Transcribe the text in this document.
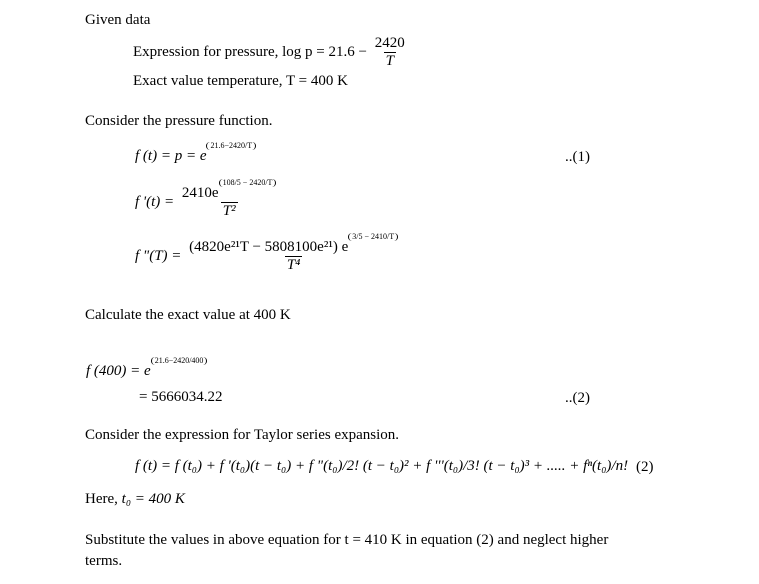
Given data
Expression for pressure, $\log p = 21.6 - \frac{2420}{T}$
Exact value temperature, T = 400 K
Consider the pressure function.
f (t) = p = e21.6−2420/T
..(1)
f '$(t) = \frac{2410e108/5 - 2420/T}{\text{T²}}$
f "$(T) = \frac{\text{(4820e²¹T − 5808100e²¹) e3/5 − 2410/T}}{\text{T⁴}}$
Calculate the exact value at 400 K
f (400) = e21.6−2420/400
= 5666034.22	..(2)
Consider the expression for Taylor series expansion.
f (t) = f (t₀) + f '(t₀)(t − t₀) + f "(t₀)/2! (t − t₀)² + f '''(t₀)/3! (t − t₀)³ + ..... + fⁿ(t₀)/n! (2)
Here, t₀ = 400 K
Substitute the values in above equation for t = 410 K in equation (2) and neglect higher
terms.
